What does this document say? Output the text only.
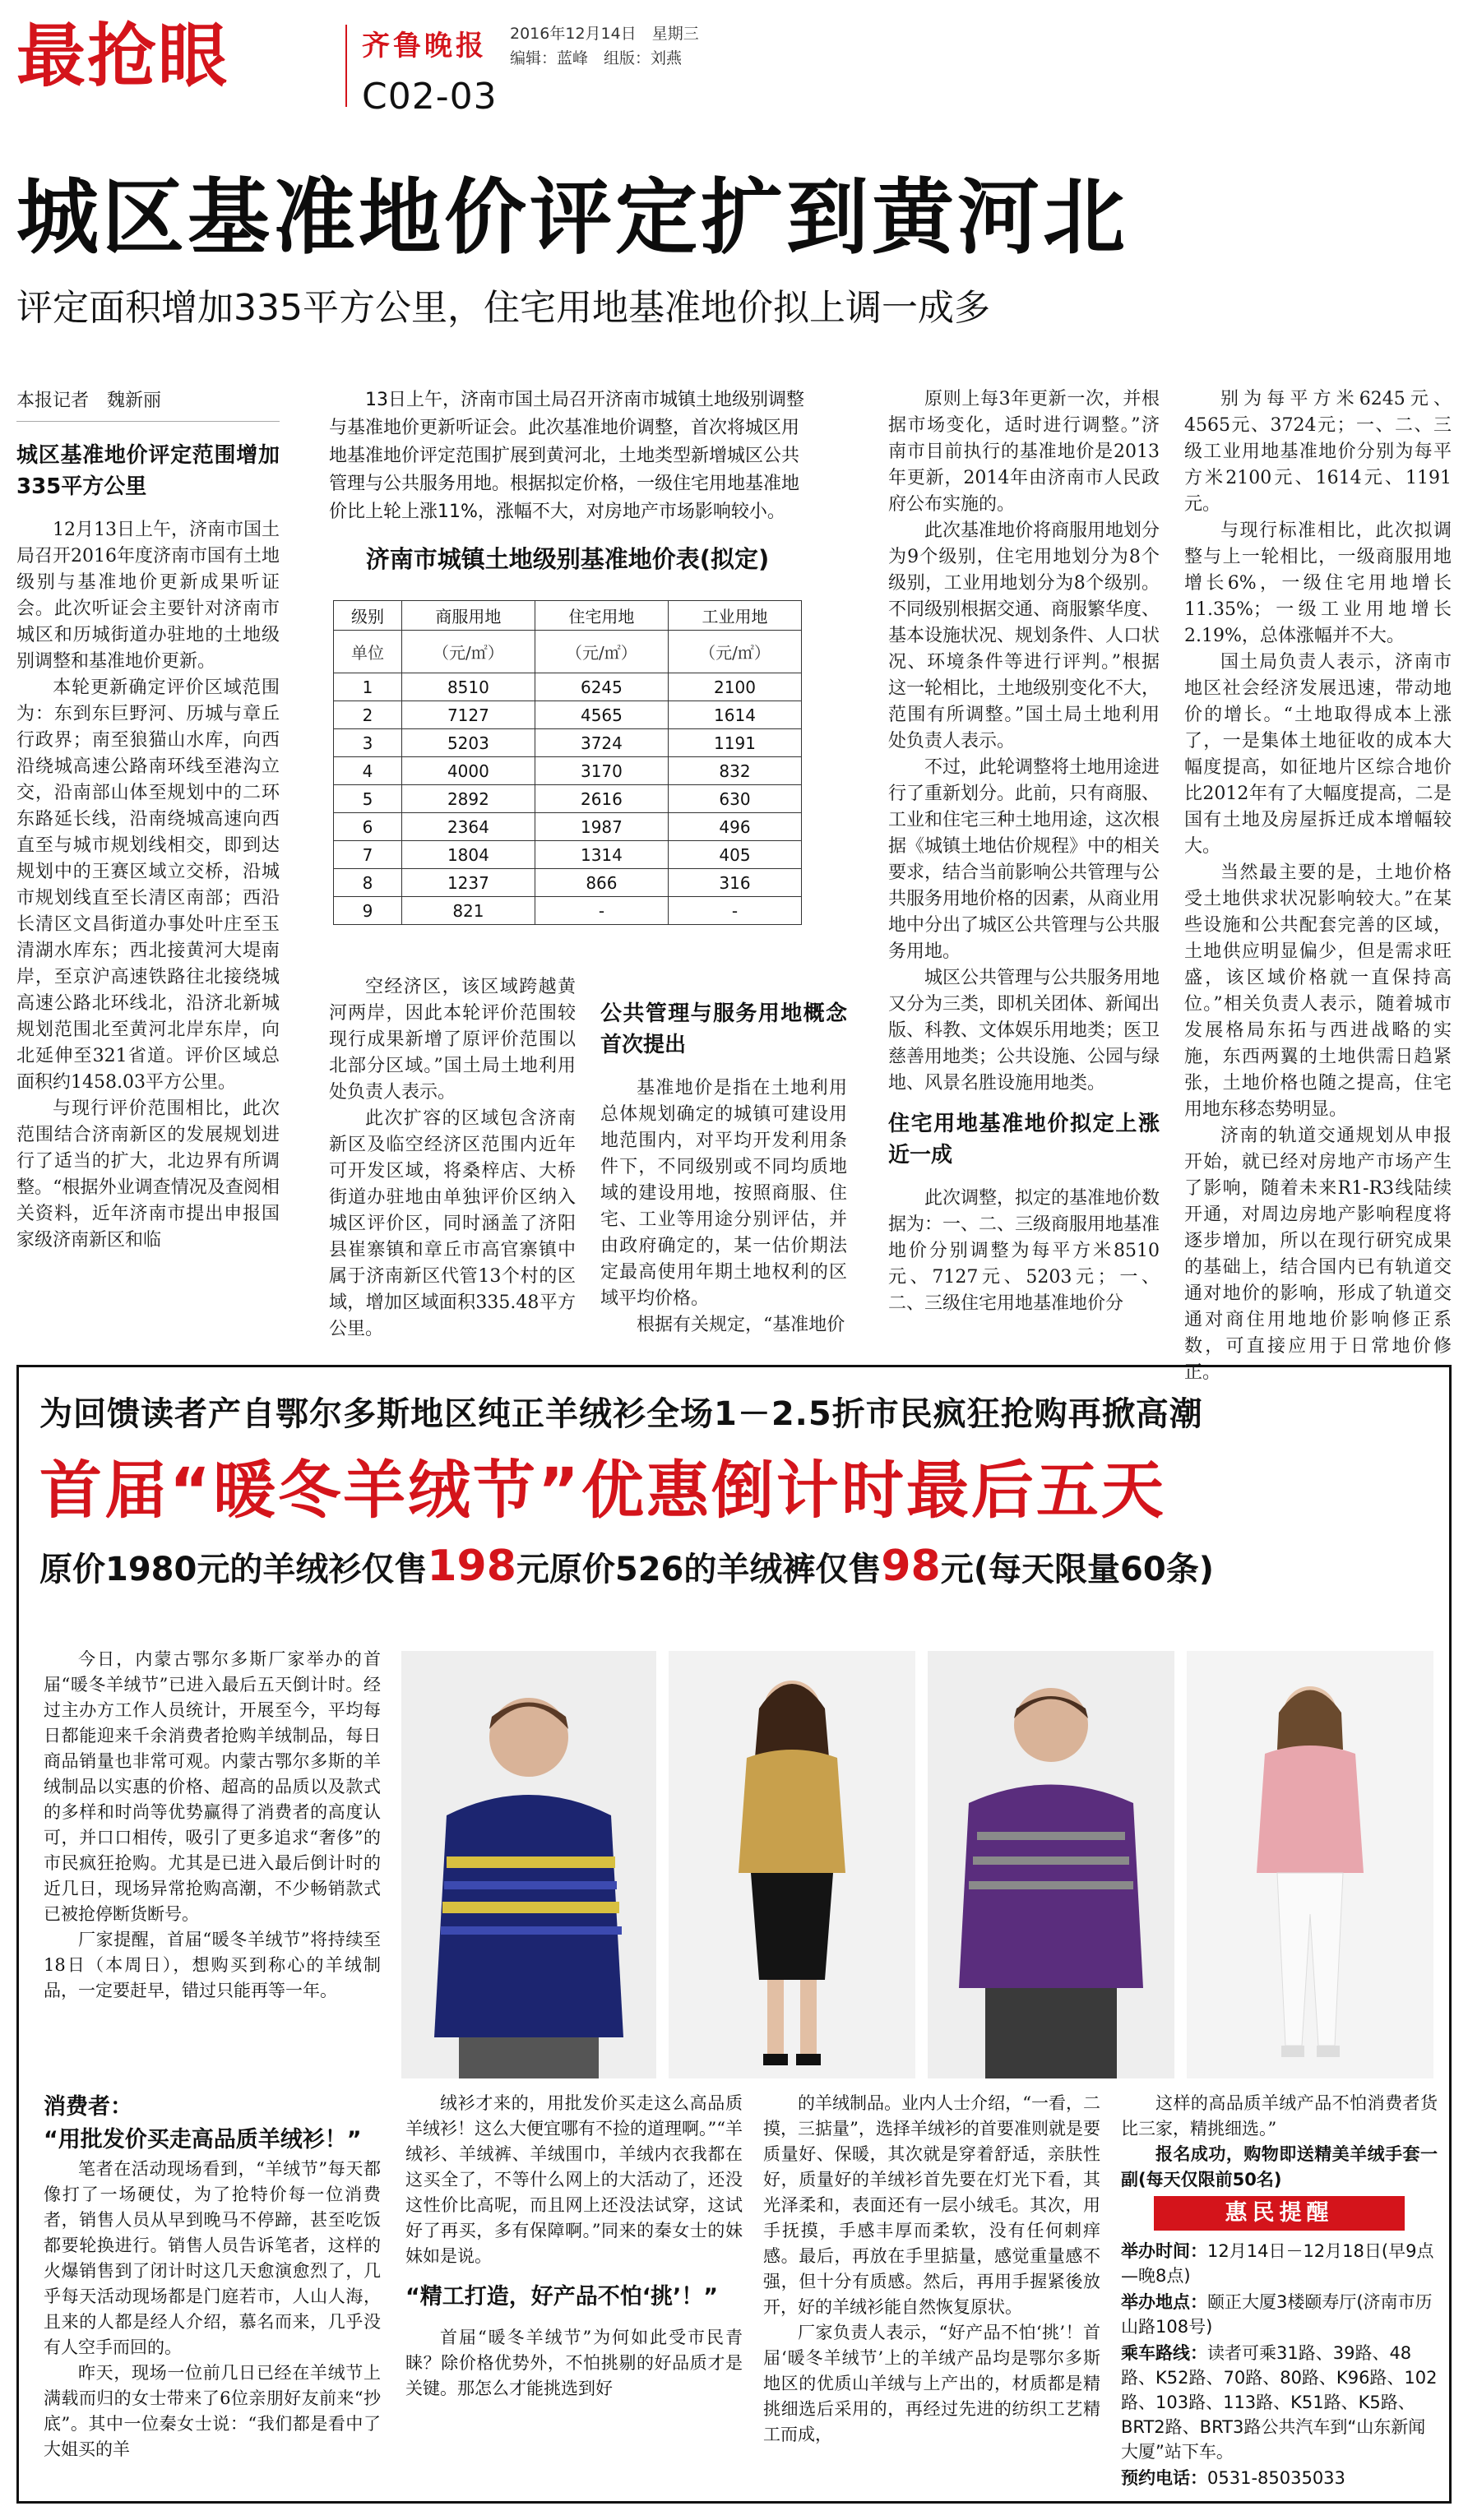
最抢眼	齐鲁晚报 2016年12月14日　星期三
编辑：蓝峰　组版：刘燕
C02-03
城区基准地价评定扩到黄河北
评定面积增加335平方公里，住宅用地基准地价拟上调一成多
本报记者　魏新丽
城区基准地价评定范围增加335平方公里

12月13日上午，济南市国土局召开2016年度济南市国有土地级别与基准地价更新成果听证会。此次听证会主要针对济南市城区和历城街道办驻地的土地级别调整和基准地价更新。

本轮更新确定评价区域范围为：东到东巨野河、历城与章丘行政界；南至狼猫山水库，向西沿绕城高速公路南环线至港沟立交，沿南部山体至规划中的二环东路延长线，沿南绕城高速向西直至与城市规划线相交，即到达规划中的王赛区域立交桥，沿城市规划线直至长清区南部；西沿长清区文昌街道办事处叶庄至玉清湖水库东；西北接黄河大堤南岸，至京沪高速铁路往北接绕城高速公路北环线北，沿济北新城规划范围北至黄河北岸东岸，向北延伸至321省道。评价区域总面积约1458.03平方公里。

与现行评价范围相比，此次范围结合济南新区的发展规划进行了适当的扩大，北边界有所调整。“根据外业调查情况及查阅相关资料，近年济南市提出申报国家级济南新区和临

13日上午，济南市国土局召开济南市城镇土地级别调整与基准地价更新听证会。此次基准地价调整，首次将城区用地基准地价评定范围扩展到黄河北，土地类型新增城区公共管理与公共服务用地。根据拟定价格，一级住宅用地基准地价比上轮上涨11%，涨幅不大，对房地产市场影响较小。

济南市城镇土地级别基准地价表(拟定)
级别	商服用地	住宅用地	工业用地
单位	（元/㎡）	（元/㎡）	（元/㎡）
1	8510	6245	2100
2	7127	4565	1614
3	5203	3724	1191
4	4000	3170	832
5	2892	2616	630
6	2364	1987	496
7	1804	1314	405
8	1237	866	316
9	821	-	-

空经济区，该区域跨越黄河两岸，因此本轮评价范围较现行成果新增了原评价范围以北部分区域。”国土局土地利用处负责人表示。

此次扩容的区域包含济南新区及临空经济区范围内近年可开发区域，将桑梓店、大桥街道办驻地由单独评价区纳入城区评价区，同时涵盖了济阳县崔寨镇和章丘市高官寨镇中属于济南新区代管13个村的区域，增加区域面积335.48平方公里。

公共管理与服务用地概念首次提出

基准地价是指在土地利用总体规划确定的城镇可建设用地范围内，对平均开发利用条件下，不同级别或不同均质地域的建设用地，按照商服、住宅、工业等用途分别评估，并由政府确定的，某一估价期法定最高使用年期土地权利的区域平均价格。

根据有关规定，“基准地价

原则上每3年更新一次，并根据市场变化，适时进行调整。”济南市目前执行的基准地价是2013年更新，2014年由济南市人民政府公布实施的。

此次基准地价将商服用地划分为9个级别，住宅用地划分为8个级别，工业用地划分为8个级别。不同级别根据交通、商服繁华度、基本设施状况、规划条件、人口状况、环境条件等进行评判。”根据这一轮相比，土地级别变化不大，范围有所调整。”国土局土地利用处负责人表示。

不过，此轮调整将土地用途进行了重新划分。此前，只有商服、工业和住宅三种土地用途，这次根据《城镇土地估价规程》中的相关要求，结合当前影响公共管理与公共服务用地价格的因素，从商业用地中分出了城区公共管理与公共服务用地。

城区公共管理与公共服务用地又分为三类，即机关团体、新闻出版、科教、文体娱乐用地类；医卫慈善用地类；公共设施、公园与绿地、风景名胜设施用地类。

住宅用地基准地价拟定上涨近一成

此次调整，拟定的基准地价数据为：一、二、三级商服用地基准地价分别调整为每平方米8510元、7127元、5203元；一、二、三级住宅用地基准地价分

别为每平方米6245元、4565元、3724元；一、二、三级工业用地基准地价分别为每平方米2100元、1614元、1191元。

与现行标准相比，此次拟调整与上一轮相比，一级商服用地增长6%，一级住宅用地增长11.35%；一级工业用地增长2.19%，总体涨幅并不大。

国土局负责人表示，济南市地区社会经济发展迅速，带动地价的增长。“土地取得成本上涨了，一是集体土地征收的成本大幅度提高，如征地片区综合地价比2012年有了大幅度提高，二是国有土地及房屋拆迁成本增幅较大。

当然最主要的是，土地价格受土地供求状况影响较大。”在某些设施和公共配套完善的区域，土地供应明显偏少，但是需求旺盛，该区域价格就一直保持高位。”相关负责人表示，随着城市发展格局东拓与西进战略的实施，东西两翼的土地供需日趋紧张，土地价格也随之提高，住宅用地东移态势明显。

济南的轨道交通规划从申报开始，就已经对房地产市场产生了影响，随着未来R1-R3线陆续开通，对周边房地产影响程度将逐步增加，所以在现行研究成果的基础上，结合国内已有轨道交通对地价的影响，形成了轨道交通对商住用地地价影响修正系数，可直接应用于日常地价修正。

为回馈读者产自鄂尔多斯地区纯正羊绒衫全场1－2.5折市民疯狂抢购再掀高潮
首届“暖冬羊绒节”优惠倒计时最后五天
原价1980元的羊绒衫仅售198元原价526的羊绒裤仅售98元(每天限量60条)

今日，内蒙古鄂尔多斯厂家举办的首届“暖冬羊绒节”已进入最后五天倒计时。经过主办方工作人员统计，开展至今，平均每日都能迎来千余消费者抢购羊绒制品，每日商品销量也非常可观。内蒙古鄂尔多斯的羊绒制品以实惠的价格、超高的品质以及款式的多样和时尚等优势赢得了消费者的高度认可，并口口相传，吸引了更多追求“奢侈”的市民疯狂抢购。尤其是已进入最后倒计时的近几日，现场异常抢购高潮，不少畅销款式已被抢停断货断号。

厂家提醒，首届“暖冬羊绒节”将持续至18日（本周日），想购买到称心的羊绒制品，一定要赶早，错过只能再等一年。

消费者：
“用批发价买走高品质羊绒衫！”

笔者在活动现场看到，“羊绒节”每天都像打了一场硬仗，为了抢特价每一位消费者，销售人员从早到晚马不停蹄，甚至吃饭都要轮换进行。销售人员告诉笔者，这样的火爆销售到了闭计时这几天愈演愈烈了，几乎每天活动现场都是门庭若市，人山人海，且来的人都是经人介绍，慕名而来，几乎没有人空手而回的。

昨天，现场一位前几日已经在羊绒节上满载而归的女士带来了6位亲朋好友前来“抄底”。其中一位秦女士说：“我们都是看中了大姐买的羊

绒衫才来的，用批发价买走这么高品质羊绒衫！这么大便宜哪有不捡的道理啊。”“羊绒衫、羊绒裤、羊绒围巾，羊绒内衣我都在这买全了，不等什么网上的大活动了，还没这性价比高呢，而且网上还没法试穿，这试好了再买，多有保障啊。”同来的秦女士的妹妹如是说。

“精工打造，好产品不怕‘挑’！”

首届“暖冬羊绒节”为何如此受市民青睐？除价格优势外，不怕挑剔的好品质才是关键。那怎么才能挑选到好

的羊绒制品。业内人士介绍，“一看，二摸，三掂量”，选择羊绒衫的首要准则就是要质量好、保暖，其次就是穿着舒适，亲肤性好，质量好的羊绒衫首先要在灯光下看，其光泽柔和，表面还有一层小绒毛。其次，用手抚摸，手感丰厚而柔软，没有任何刺痒感。最后，再放在手里掂量，感觉重量感不强，但十分有质感。然后，再用手握紧後放开，好的羊绒衫能自然恢复原状。

厂家负责人表示，“好产品不怕‘挑’！首届‘暖冬羊绒节’上的羊绒产品均是鄂尔多斯地区的优质山羊绒与上产出的，材质都是精挑细选后采用的，再经过先进的纺织工艺精工而成，

这样的高品质羊绒产品不怕消费者货比三家，精挑细选。”

报名成功，购物即送精美羊绒手套一副(每天仅限前50名)

惠民提醒
举办时间：12月14日－12月18日(早9点—晚8点)
举办地点：颐正大厦3楼颐寿厅(济南市历山路108号)
乘车路线：读者可乘31路、39路、48路、K52路、70路、80路、K96路、102路、103路、113路、K51路、K5路、BRT2路、BRT3路公共汽车到“山东新闻大厦”站下车。
预约电话：0531-85035033
